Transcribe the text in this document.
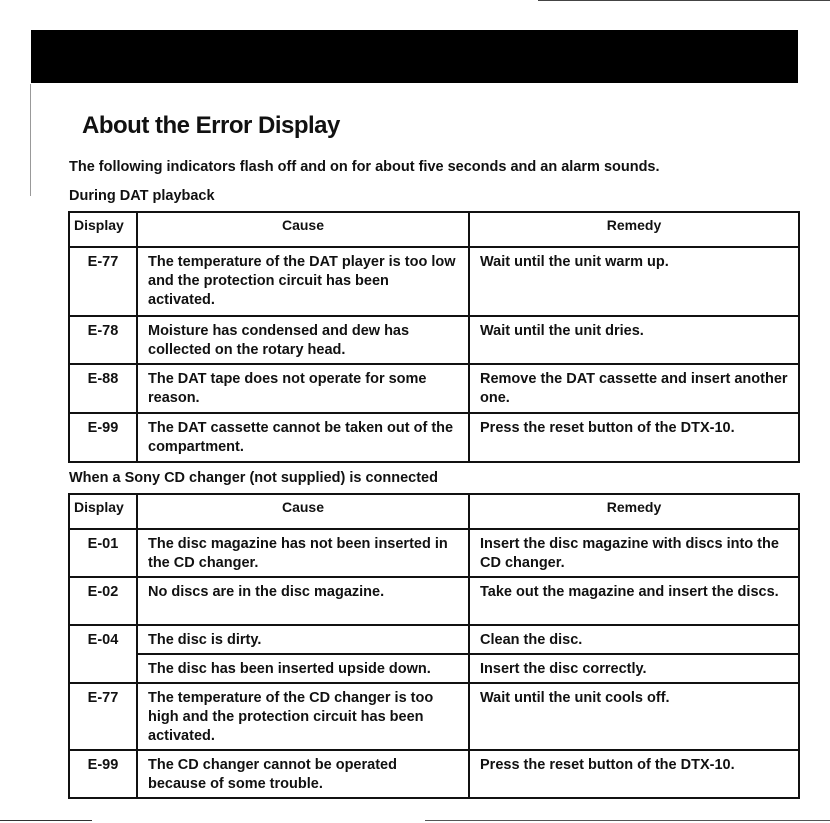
About the Error Display

The following indicators flash off and on for about five seconds and an alarm sounds.

During DAT playback

Display	Cause	Remedy
E-77	The temperature of the DAT player is too low and the protection circuit has been activated.	Wait until the unit warm up.
E-78	Moisture has condensed and dew has collected on the rotary head.	Wait until the unit dries.
E-88	The DAT tape does not operate for some reason.	Remove the DAT cassette and insert another one.
E-99	The DAT cassette cannot be taken out of the compartment.	Press the reset button of the DTX-10.

When a Sony CD changer (not supplied) is connected

Display	Cause	Remedy
E-01	The disc magazine has not been inserted in the CD changer.	Insert the disc magazine with discs into the CD changer.
E-02	No discs are in the disc magazine.	Take out the magazine and insert the discs.
E-04	The disc is dirty.	Clean the disc.
	The disc has been inserted upside down.	Insert the disc correctly.
E-77	The temperature of the CD changer is too high and the protection circuit has been activated.	Wait until the unit cools off.
E-99	The CD changer cannot be operated because of some trouble.	Press the reset button of the DTX-10.
